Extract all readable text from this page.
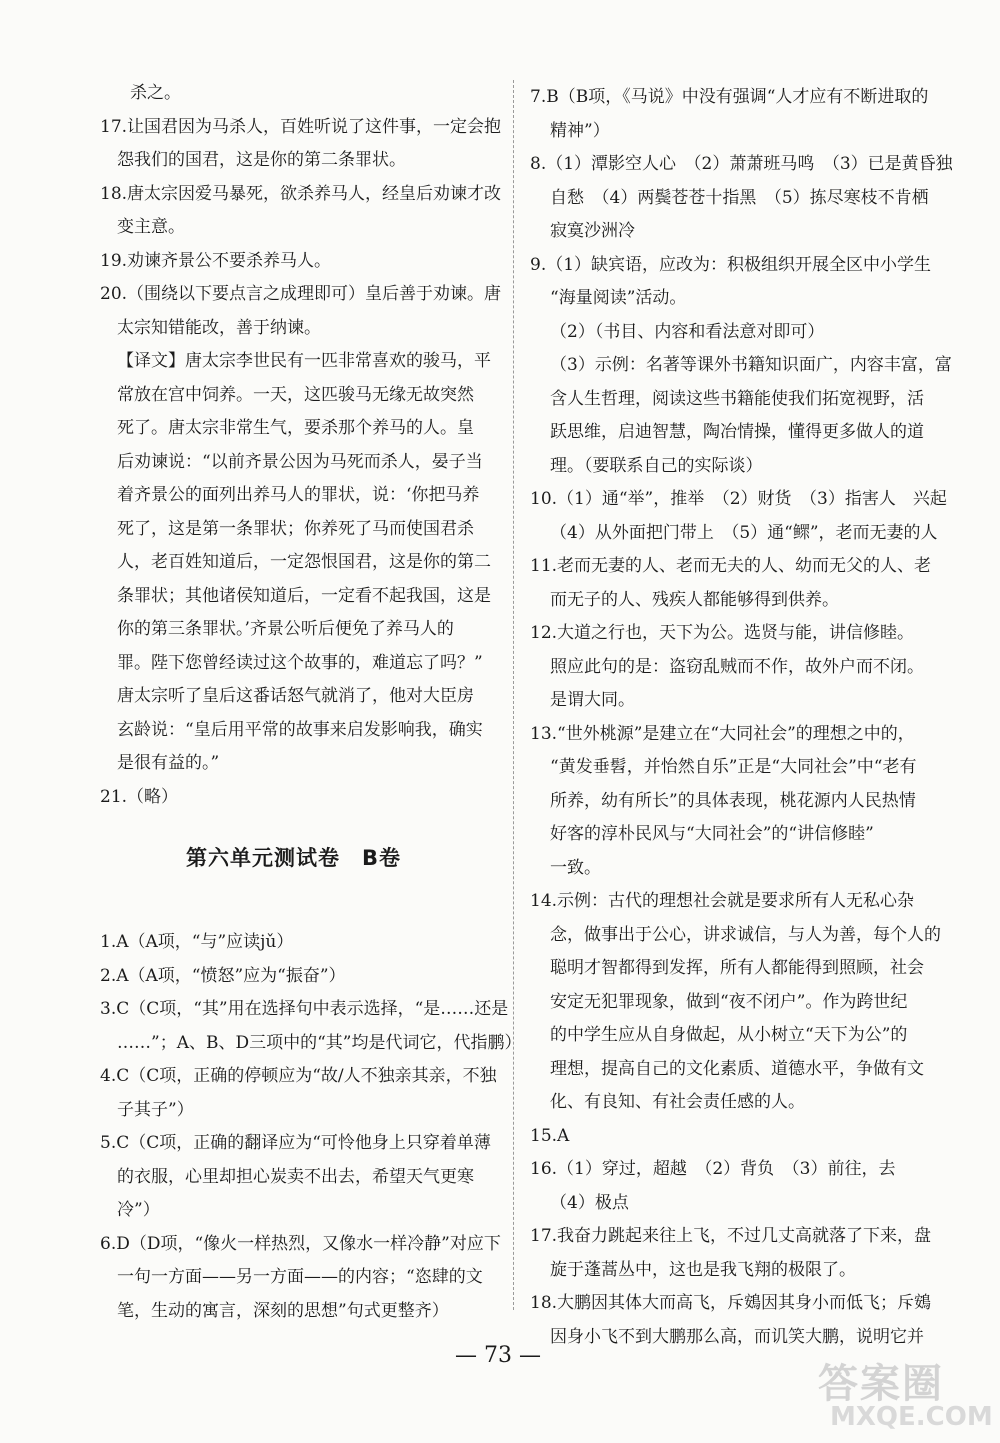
杀之。
17.让国君因为马杀人，百姓听说了这件事，一定会抱
怨我们的国君，这是你的第二条罪状。
18.唐太宗因爱马暴死，欲杀养马人，经皇后劝谏才改
变主意。
19.劝谏齐景公不要杀养马人。
20.（围绕以下要点言之成理即可）皇后善于劝谏。唐
太宗知错能改，善于纳谏。
【译文】唐太宗李世民有一匹非常喜欢的骏马，平
常放在宫中饲养。一天，这匹骏马无缘无故突然
死了。唐太宗非常生气，要杀那个养马的人。皇
后劝谏说：“以前齐景公因为马死而杀人，晏子当
着齐景公的面列出养马人的罪状，说：‘你把马养
死了，这是第一条罪状；你养死了马而使国君杀
人，老百姓知道后，一定怨恨国君，这是你的第二
条罪状；其他诸侯知道后，一定看不起我国，这是
你的第三条罪状。’齐景公听后便免了养马人的
罪。陛下您曾经读过这个故事的，难道忘了吗？”
唐太宗听了皇后这番话怒气就消了，他对大臣房
玄龄说：“皇后用平常的故事来启发影响我，确实
是很有益的。”
21.（略）
1.A（A项，“与”应读jǔ）
2.A（A项，“愤怒”应为“振奋”）
3.C（C项，“其”用在选择句中表示选择，“是……还是
……”；A、B、D三项中的“其”均是代词它，代指鹏）
4.C（C项，正确的停顿应为“故/人不独亲其亲，不独
子其子”）
5.C（C项，正确的翻译应为“可怜他身上只穿着单薄
的衣服，心里却担心炭卖不出去，希望天气更寒
冷”）
6.D（D项，“像火一样热烈，又像水一样冷静”对应下
一句一方面——另一方面——的内容；“恣肆的文
笔，生动的寓言，深刻的思想”句式更整齐）
7.B（B项，《马说》中没有强调“人才应有不断进取的
精神”）
8.（1）潭影空人心　（2）萧萧班马鸣　（3）已是黄昏独
自愁　（4）两鬓苍苍十指黑　（5）拣尽寒枝不肯栖
寂寞沙洲冷
9.（1）缺宾语，应改为：积极组织开展全区中小学生
“海量阅读”活动。
（2）（书目、内容和看法意对即可）
（3）示例：名著等课外书籍知识面广，内容丰富，富
含人生哲理，阅读这些书籍能使我们拓宽视野，活
跃思维，启迪智慧，陶冶情操，懂得更多做人的道
理。（要联系自己的实际谈）
10.（1）通“举”，推举　（2）财货　（3）指害人　兴起
（4）从外面把门带上　（5）通“鳏”，老而无妻的人
11.老而无妻的人、老而无夫的人、幼而无父的人、老
而无子的人、残疾人都能够得到供养。
12.大道之行也，天下为公。选贤与能，讲信修睦。
照应此句的是：盗窃乱贼而不作，故外户而不闭。
是谓大同。
13.“世外桃源”是建立在“大同社会”的理想之中的，
“黄发垂髫，并怡然自乐”正是“大同社会”中“老有
所养，幼有所长”的具体表现，桃花源内人民热情
好客的淳朴民风与“大同社会”的“讲信修睦”
一致。
14.示例：古代的理想社会就是要求所有人无私心杂
念，做事出于公心，讲求诚信，与人为善，每个人的
聪明才智都得到发挥，所有人都能得到照顾，社会
安定无犯罪现象，做到“夜不闭户”。作为跨世纪
的中学生应从自身做起，从小树立“天下为公”的
理想，提高自己的文化素质、道德水平，争做有文
化、有良知、有社会责任感的人。
15.A
16.（1）穿过，超越　（2）背负　（3）前往，去
（4）极点
17.我奋力跳起来往上飞，不过几丈高就落了下来，盘
旋于蓬蒿丛中，这也是我飞翔的极限了。
18.大鹏因其体大而高飞，斥鴳因其身小而低飞；斥鴳
因身小飞不到大鹏那么高，而讥笑大鹏，说明它并
第六单元测试卷　B卷
— 73 —
答案圈
MXQE.COM
